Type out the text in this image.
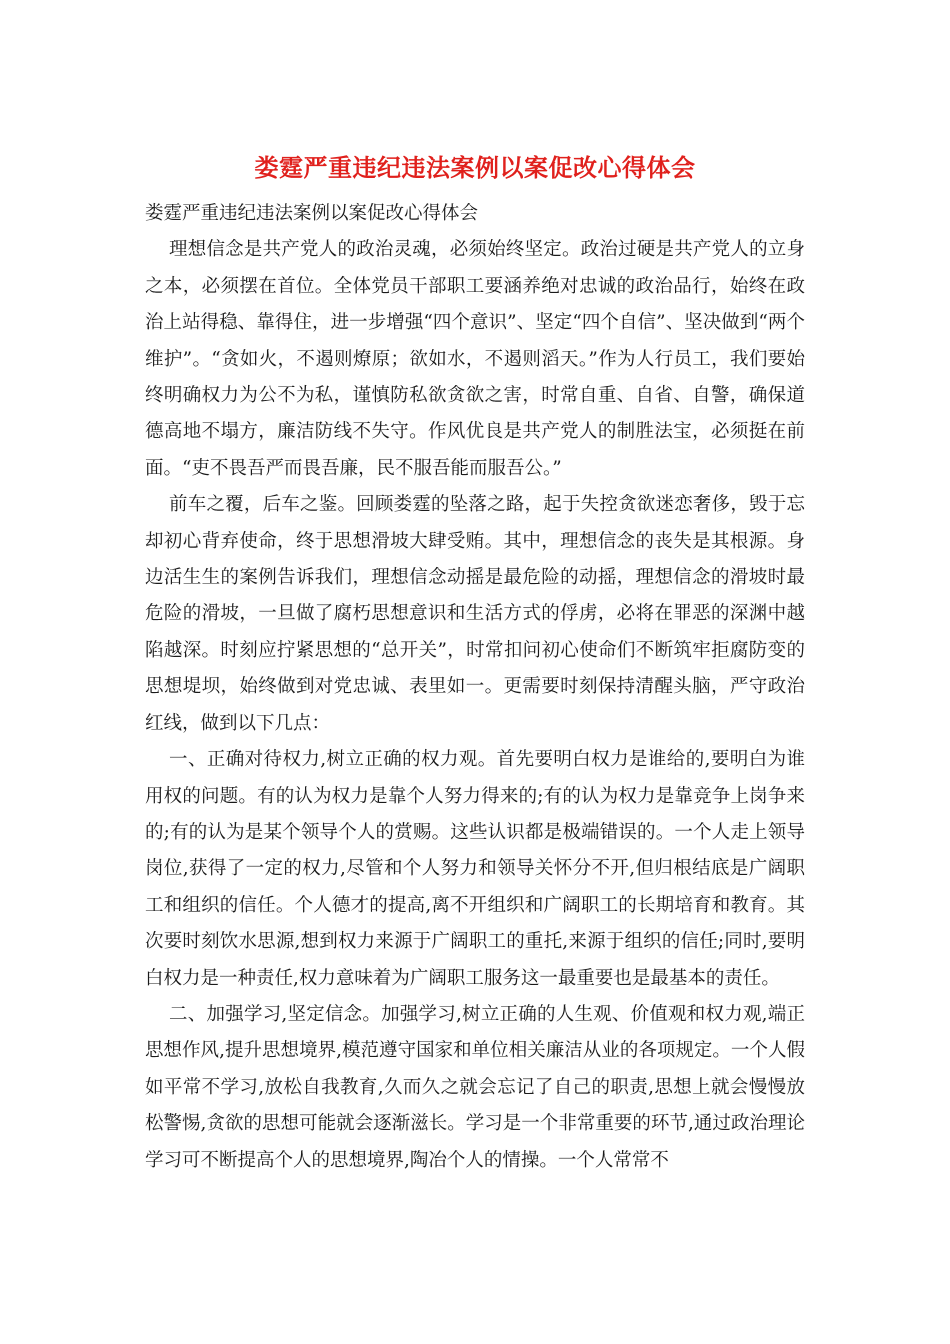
娄霆严重违纪违法案例以案促改心得体会

娄霆严重违纪违法案例以案促改心得体会

理想信念是共产党人的政治灵魂，必须始终坚定。政治过硬是共产党人的立身之本，必须摆在首位。全体党员干部职工要涵养绝对忠诚的政治品行，始终在政治上站得稳、靠得住，进一步增强“四个意识”、坚定“四个自信”、坚决做到“两个维护”。“贪如火，不遏则燎原；欲如水，不遏则滔天。”作为人行员工，我们要始终明确权力为公不为私，谨慎防私欲贪欲之害，时常自重、自省、自警，确保道德高地不塌方，廉洁防线不失守。作风优良是共产党人的制胜法宝，必须挺在前面。“吏不畏吾严而畏吾廉，民不服吾能而服吾公。”

前车之覆，后车之鉴。回顾娄霆的坠落之路，起于失控贪欲迷恋奢侈，毁于忘却初心背弃使命，终于思想滑坡大肆受贿。其中，理想信念的丧失是其根源。身边活生生的案例告诉我们，理想信念动摇是最危险的动摇，理想信念的滑坡时最危险的滑坡，一旦做了腐朽思想意识和生活方式的俘虏，必将在罪恶的深渊中越陷越深。时刻应拧紧思想的“总开关”，时常扣问初心使命们不断筑牢拒腐防变的思想堤坝，始终做到对党忠诚、表里如一。更需要时刻保持清醒头脑，严守政治红线，做到以下几点：

一、正确对待权力,树立正确的权力观。首先要明白权力是谁给的,要明白为谁用权的问题。有的认为权力是靠个人努力得来的;有的认为权力是靠竞争上岗争来的;有的认为是某个领导个人的赏赐。这些认识都是极端错误的。一个人走上领导岗位,获得了一定的权力,尽管和个人努力和领导关怀分不开,但归根结底是广阔职工和组织的信任。个人德才的提高,离不开组织和广阔职工的长期培育和教育。其次要时刻饮水思源,想到权力来源于广阔职工的重托,来源于组织的信任;同时,要明白权力是一种责任,权力意味着为广阔职工服务这一最重要也是最基本的责任。

二、加强学习,坚定信念。加强学习,树立正确的人生观、价值观和权力观,端正思想作风,提升思想境界,模范遵守国家和单位相关廉洁从业的各项规定。一个人假如平常不学习,放松自我教育,久而久之就会忘记了自己的职责,思想上就会慢慢放松警惕,贪欲的思想可能就会逐渐滋长。学习是一个非常重要的环节,通过政治理论学习可不断提高个人的思想境界,陶冶个人的情操。一个人常常不
